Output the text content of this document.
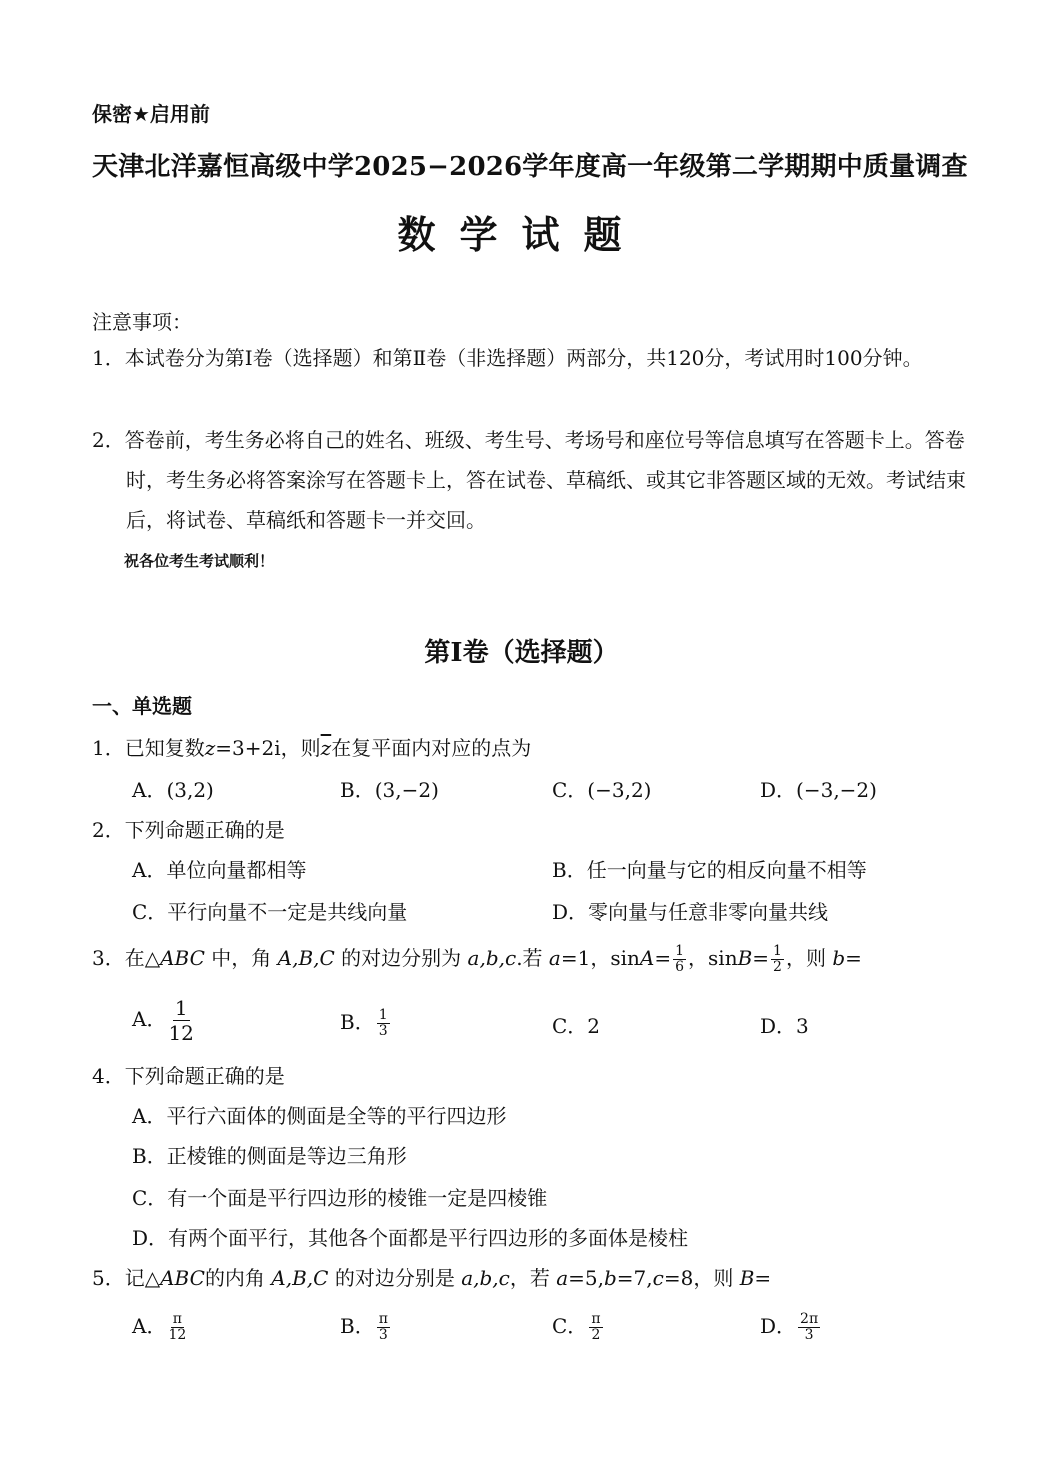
保密★启用前
天津北洋嘉恒高级中学2025−2026学年度高一年级第二学期期中质量调查
数学试题
注意事项：
1．本试卷分为第Ⅰ卷（选择题）和第Ⅱ卷（非选择题）两部分，共120分，考试用时100分钟。
2．答卷前，考生务必将自己的姓名、班级、考生号、考场号和座位号等信息填写在答题卡上。答卷时，考生务必将答案涂写在答题卡上，答在试卷、草稿纸、或其它非答题区域的无效。考试结束后，将试卷、草稿纸和答题卡一并交回。
祝各位考生考试顺利！
第Ⅰ卷（选择题）
一、单选题
1．已知复数z=3+2i，则$\overline{z}$在复平面内对应的点为
A．(3,2)	B．(3,−2)	C．(−3,2)	D．(−3,−2)
2．下列命题正确的是
A．单位向量都相等	B．任一向量与它的相反向量不相等
C．平行向量不一定是共线向量	D．零向量与任意非零向量共线
3．在△ABC 中，角 A,B,C 的对边分别为 a,b,c.若 a=1，$\sin A= \frac{1}{6}$ ，$\sin B= \frac{1}{2}$ ，则 b=
A． $\frac{1}{12}$	B． $\frac{1}{3}$	C．2	D．3
4．下列命题正确的是
A．平行六面体的侧面是全等的平行四边形
B．正棱锥的侧面是等边三角形
C．有一个面是平行四边形的棱锥一定是四棱锥
D．有两个面平行，其他各个面都是平行四边形的多面体是棱柱
5．记△ABC的内角 A,B,C 的对边分别是 a,b,c，若 a=5,b=7,c=8，则 B=
A． $\frac{\pi}{12}$	B． $\frac{\pi}{3}$	C． $\frac{\pi}{2}$	D． $\frac{2\pi}{3}$
